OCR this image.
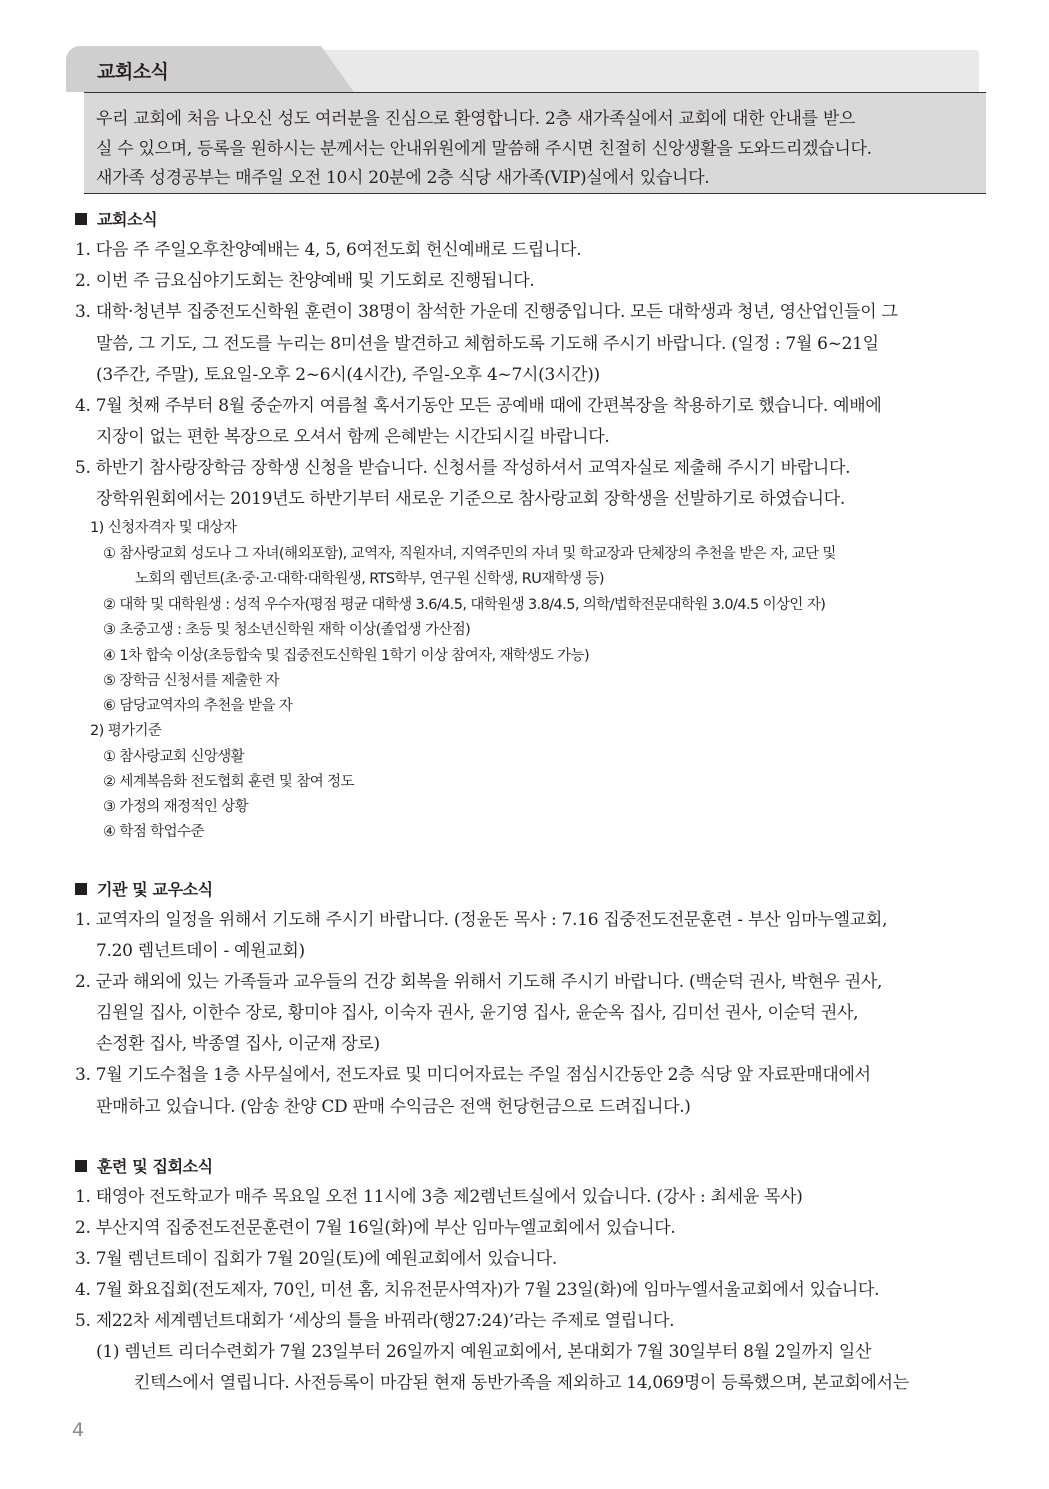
교회소식
우리 교회에 처음 나오신 성도 여러분을 진심으로 환영합니다. 2층 새가족실에서 교회에 대한 안내를 받으
실 수 있으며, 등록을 원하시는 분께서는 안내위원에게 말씀해 주시면 친절히 신앙생활을 도와드리겠습니다.
새가족 성경공부는 매주일 오전 10시 20분에 2층 식당 새가족(VIP)실에서 있습니다.
교회소식
1. 다음 주 주일오후찬양예배는 4, 5, 6여전도회 헌신예배로 드립니다.
2. 이번 주 금요심야기도회는 찬양예배 및 기도회로 진행됩니다.
3. 대학·청년부 집중전도신학원 훈련이 38명이 참석한 가운데 진행중입니다. 모든 대학생과 청년, 영산업인들이 그
말씀, 그 기도, 그 전도를 누리는 8미션을 발견하고 체험하도록 기도해 주시기 바랍니다. (일정 : 7월 6~21일
(3주간, 주말), 토요일-오후 2~6시(4시간), 주일-오후 4~7시(3시간))
4. 7월 첫째 주부터 8월 중순까지 여름철 혹서기동안 모든 공예배 때에 간편복장을 착용하기로 했습니다. 예배에
지장이 없는 편한 복장으로 오셔서 함께 은혜받는 시간되시길 바랍니다.
5. 하반기 참사랑장학금 장학생 신청을 받습니다. 신청서를 작성하셔서 교역자실로 제출해 주시기 바랍니다.
장학위원회에서는 2019년도 하반기부터 새로운 기준으로 참사랑교회 장학생을 선발하기로 하였습니다.
1) 신청자격자 및 대상자
① 참사랑교회 성도나 그 자녀(해외포함), 교역자, 직원자녀, 지역주민의 자녀 및 학교장과 단체장의 추천을 받은 자, 교단 및
노회의 렘넌트(초·중·고·대학·대학원생, RTS학부, 연구원 신학생, RU재학생 등)
② 대학 및 대학원생 : 성적 우수자(평점 평균 대학생 3.6/4.5, 대학원생 3.8/4.5, 의학/법학전문대학원 3.0/4.5 이상인 자)
③ 초중고생 : 초등 및 청소년신학원 재학 이상(졸업생 가산점)
④ 1차 합숙 이상(초등합숙 및 집중전도신학원 1학기 이상 참여자, 재학생도 가능)
⑤ 장학금 신청서를 제출한 자
⑥ 담당교역자의 추천을 받을 자
2) 평가기준
① 참사랑교회 신앙생활
② 세계복음화 전도협회 훈련 및 참여 정도
③ 가정의 재정적인 상황
④ 학점 학업수준
기관 및 교우소식
1. 교역자의 일정을 위해서 기도해 주시기 바랍니다. (정윤돈 목사 : 7.16 집중전도전문훈련 - 부산 임마누엘교회,
7.20 렘넌트데이 - 예원교회)
2. 군과 해외에 있는 가족들과 교우들의 건강 회복을 위해서 기도해 주시기 바랍니다. (백순덕 권사, 박현우 권사,
김원일 집사, 이한수 장로, 황미야 집사, 이숙자 권사, 윤기영 집사, 윤순옥 집사, 김미선 권사, 이순덕 권사,
손정환 집사, 박종열 집사, 이군재 장로)
3. 7월 기도수첩을 1층 사무실에서, 전도자료 및 미디어자료는 주일 점심시간동안 2층 식당 앞 자료판매대에서
판매하고 있습니다. (암송 찬양 CD 판매 수익금은 전액 헌당헌금으로 드려집니다.)
훈련 및 집회소식
1. 태영아 전도학교가 매주 목요일 오전 11시에 3층 제2렘넌트실에서 있습니다. (강사 : 최세윤 목사)
2. 부산지역 집중전도전문훈련이 7월 16일(화)에 부산 임마누엘교회에서 있습니다.
3. 7월 렘넌트데이 집회가 7월 20일(토)에 예원교회에서 있습니다.
4. 7월 화요집회(전도제자, 70인, 미션 홈, 치유전문사역자)가 7월 23일(화)에 임마누엘서울교회에서 있습니다.
5. 제22차 세계렘넌트대회가 ‘세상의 틀을 바꿔라(행27:24)’라는 주제로 열립니다.
(1) 렘넌트 리더수련회가 7월 23일부터 26일까지 예원교회에서, 본대회가 7월 30일부터 8월 2일까지 일산
킨텍스에서 열립니다. 사전등록이 마감된 현재 동반가족을 제외하고 14,069명이 등록했으며, 본교회에서는
4
